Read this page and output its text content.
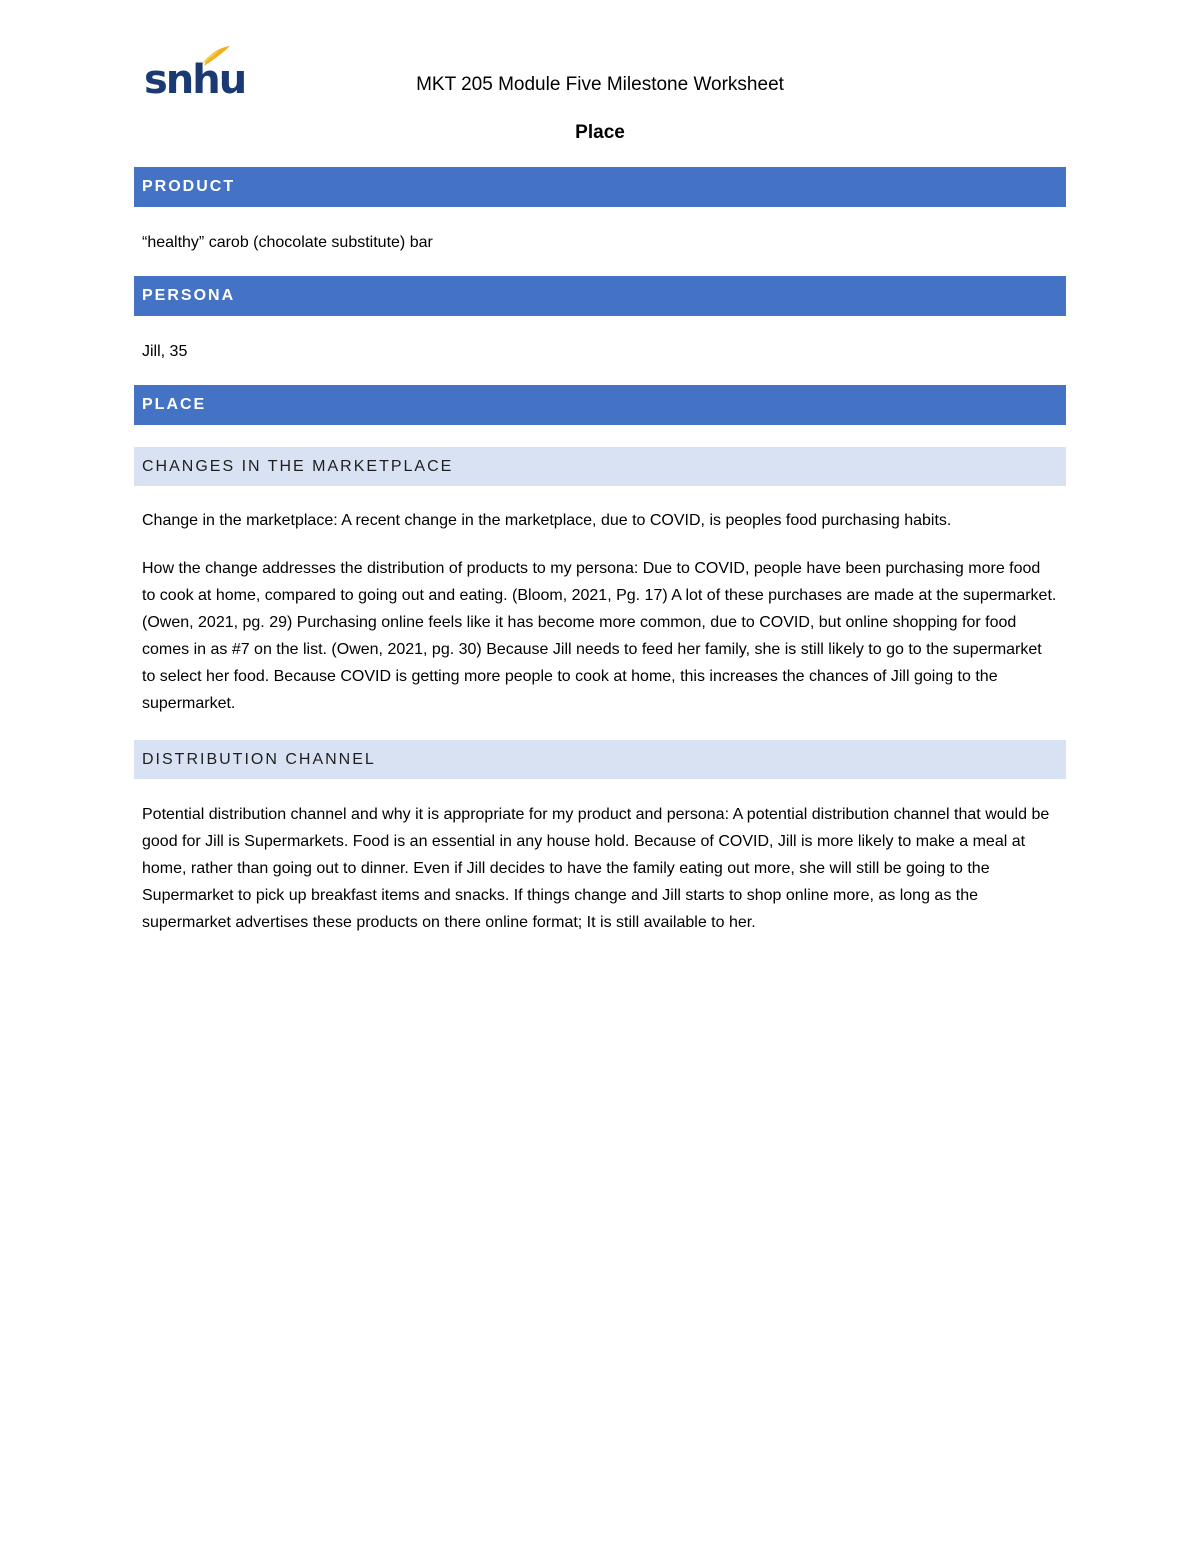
snhu	MKT 205 Module Five Milestone Worksheet
Place
PRODUCT

“healthy” carob (chocolate substitute) bar

PERSONA

Jill, 35

PLACE
CHANGES IN THE MARKETPLACE

Change in the marketplace: A recent change in the marketplace, due to COVID, is peoples food purchasing habits.

How the change addresses the distribution of products to my persona: Due to COVID, people have been purchasing more food to cook at home, compared to going out and eating. (Bloom, 2021, Pg. 17) A lot of these purchases are made at the supermarket. (Owen, 2021, pg. 29) Purchasing online feels like it has become more common, due to COVID, but online shopping for food comes in as #7 on the list. (Owen, 2021, pg. 30) Because Jill needs to feed her family, she is still likely to go to the supermarket to select her food. Because COVID is getting more people to cook at home, this increases the chances of Jill going to the supermarket.

DISTRIBUTION CHANNEL

Potential distribution channel and why it is appropriate for my product and persona: A potential distribution channel that would be good for Jill is Supermarkets. Food is an essential in any house hold. Because of COVID, Jill is more likely to make a meal at home, rather than going out to dinner. Even if Jill decides to have the family eating out more, she will still be going to the Supermarket to pick up breakfast items and snacks. If things change and Jill starts to shop online more, as long as the supermarket advertises these products on there online format; It is still available to her.
